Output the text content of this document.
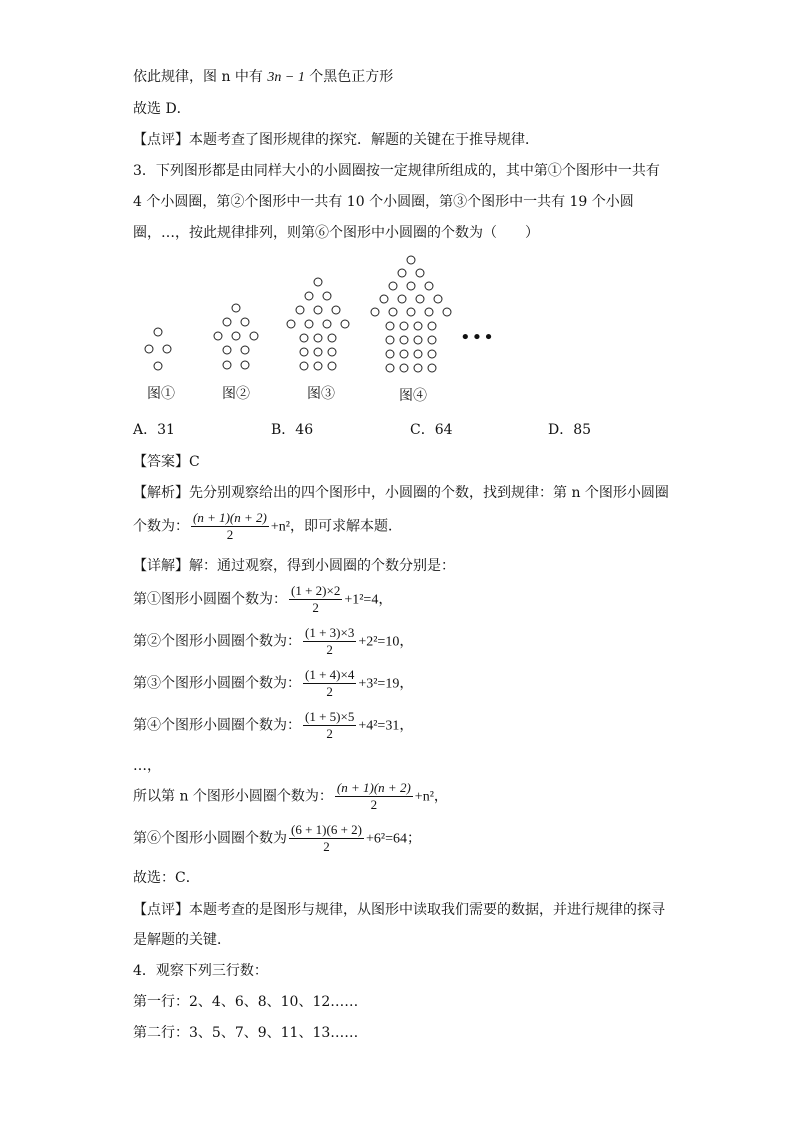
依此规律，图 n 中有 3n − 1 个黑色正方形
故选 D．
【点评】本题考查了图形规律的探究．解题的关键在于推导规律．
3．下列图形都是由同样大小的小圆圈按一定规律所组成的，其中第①个图形中一共有
4 个小圆圈，第②个图形中一共有 10 个小圆圈，第③个图形中一共有 19 个小圆
圈，…，按此规律排列，则第⑥个图形中小圆圈的个数为（　　）
•••
图①	图②	图③	图④
A．31	B．46	C．64	D．85
【答案】C
【解析】先分别观察给出的四个图形中，小圆圈的个数，找到规律：第 n 个图形小圆圈
个数为： $\frac{(n + 1)(n + 2)}{2} +n^2$，即可求解本题．
【详解】解：通过观察，得到小圆圈的个数分别是：
第①图形小圆圈个数为： $\frac{(1 + 2)\times 2}{2} +1^2=4$，
第②个图形小圆圈个数为： $\frac{(1 + 3)\times 3}{2} +2^2=10$，
第③个图形小圆圈个数为： $\frac{(1 + 4)\times 4}{2} +3^2=19$，
第④个图形小圆圈个数为： $\frac{(1 + 5)\times 5}{2} +4^2=31$，
…，
所以第 n 个图形小圆圈个数为： $\frac{(n + 1)(n + 2)}{2} +n^2$，
第⑥个图形小圆圈个数为 $\frac{(6 + 1)(6 + 2)}{2} +6^2=64$；
故选：C．
【点评】本题考查的是图形与规律，从图形中读取我们需要的数据，并进行规律的探寻
是解题的关键．
4．观察下列三行数：
第一行：2、4、6、8、10、12……
第二行：3、5、7、9、11、13……
